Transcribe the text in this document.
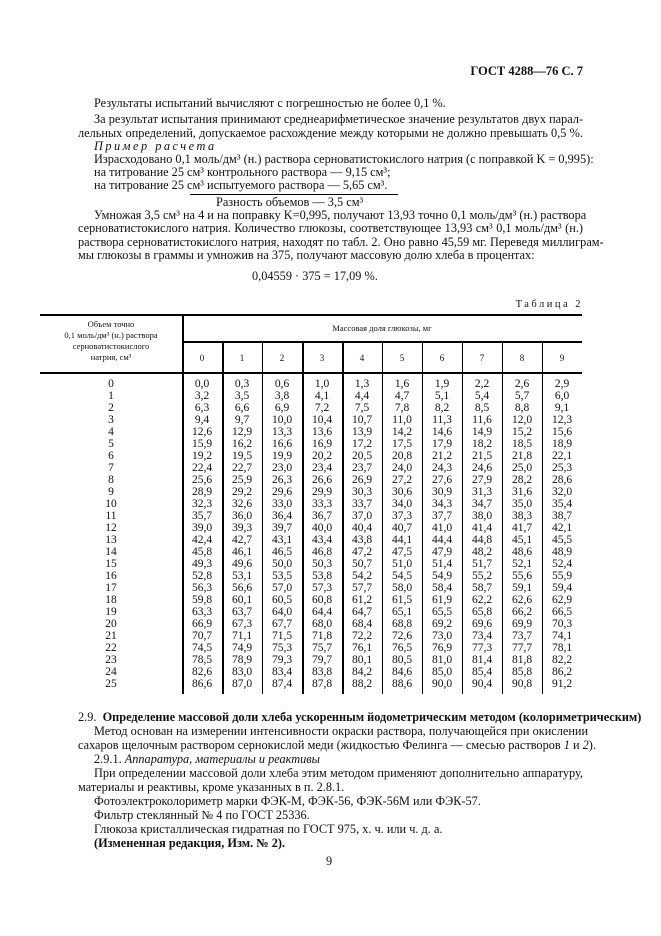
ГОСТ 4288—76 С. 7
Результаты испытаний вычисляют с погрешностью не более 0,1 %.
За результат испытания принимают среднеарифметическое значение результатов двух парал-
лельных определений, допускаемое расхождение между которыми не должно превышать 0,5 %.
Пример расчета
Израсходовано 0,1 моль/дм³ (н.) раствора серноватистокислого натрия (с поправкой K = 0,995):
на титрование 25 см³ контрольного раствора — 9,15 см³;
на титрование 25 см³ испытуемого раствора — 5,65 см³.
Разность объемов — 3,5 см³
Умножая 3,5 см³ на 4 и на поправку K=0,995, получают 13,93 точно 0,1 моль/дм³ (н.) раствора
серноватистокислого натрия. Количество глюкозы, соответствующее 13,93 см³ 0,1 моль/дм³ (н.)
раствора серноватистокислого натрия, находят по табл. 2. Оно равно 45,59 мг. Переведя миллиграм-
мы глюкозы в граммы и умножив на 375, получают массовую долю хлеба в процентах:
0,04559 · 375 = 17,09 %.
Таблица 2
Объем точно
0,1 моль/дм³ (н.) раствора
серноватистокислого
натрия, см³
Массовая доля глюкозы, мг
0	1	2	3	4	5	6	7	8	9
0	0,0	0,3	0,6	1,0	1,3	1,6	1,9	2,2	2,6	2,9
1	3,2	3,5	3,8	4,1	4,4	4,7	5,1	5,4	5,7	6,0
2	6,3	6,6	6,9	7,2	7,5	7,8	8,2	8,5	8,8	9,1
3	9,4	9,7	10,0	10,4	10,7	11,0	11,3	11,6	12,0	12,3
4	12,6	12,9	13,3	13,6	13,9	14,2	14,6	14,9	15,2	15,6
5	15,9	16,2	16,6	16,9	17,2	17,5	17,9	18,2	18,5	18,9
6	19,2	19,5	19,9	20,2	20,5	20,8	21,2	21,5	21,8	22,1
7	22,4	22,7	23,0	23,4	23,7	24,0	24,3	24,6	25,0	25,3
8	25,6	25,9	26,3	26,6	26,9	27,2	27,6	27,9	28,2	28,6
9	28,9	29,2	29,6	29,9	30,3	30,6	30,9	31,3	31,6	32,0
10	32,3	32,6	33,0	33,3	33,7	34,0	34,3	34,7	35,0	35,4
11	35,7	36,0	36,4	36,7	37,0	37,3	37,7	38,0	38,3	38,7
12	39,0	39,3	39,7	40,0	40,4	40,7	41,0	41,4	41,7	42,1
13	42,4	42,7	43,1	43,4	43,8	44,1	44,4	44,8	45,1	45,5
14	45,8	46,1	46,5	46,8	47,2	47,5	47,9	48,2	48,6	48,9
15	49,3	49,6	50,0	50,3	50,7	51,0	51,4	51,7	52,1	52,4
16	52,8	53,1	53,5	53,8	54,2	54,5	54,9	55,2	55,6	55,9
17	56,3	56,6	57,0	57,3	57,7	58,0	58,4	58,7	59,1	59,4
18	59,8	60,1	60,5	60,8	61,2	61,5	61,9	62,2	62,6	62,9
19	63,3	63,7	64,0	64,4	64,7	65,1	65,5	65,8	66,2	66,5
20	66,9	67,3	67,7	68,0	68,4	68,8	69,2	69,6	69,9	70,3
21	70,7	71,1	71,5	71,8	72,2	72,6	73,0	73,4	73,7	74,1
22	74,5	74,9	75,3	75,7	76,1	76,5	76,9	77,3	77,7	78,1
23	78,5	78,9	79,3	79,7	80,1	80,5	81,0	81,4	81,8	82,2
24	82,6	83,0	83,4	83,8	84,2	84,6	85,0	85,4	85,8	86,2
25	86,6	87,0	87,4	87,8	88,2	88,6	90,0	90,4	90,8	91,2
2.9. Определение массовой доли хлеба ускоренным йодометрическим методом (колориметрическим)
Метод основан на измерении интенсивности окраски раствора, получающейся при окислении
сахаров щелочным раствором сернокислой меди (жидкостью Фелинга — смесью растворов 1 и 2).
2.9.1. Аппаратура, материалы и реактивы
При определении массовой доли хлеба этим методом применяют дополнительно аппаратуру,
материалы и реактивы, кроме указанных в п. 2.8.1.
Фотоэлектроколориметр марки ФЭК-М, ФЭК-56, ФЭК-56М или ФЭК-57.
Фильтр стеклянный № 4 по ГОСТ 25336.
Глюкоза кристаллическая гидратная по ГОСТ 975, х. ч. или ч. д. а.
(Измененная редакция, Изм. № 2).
9
